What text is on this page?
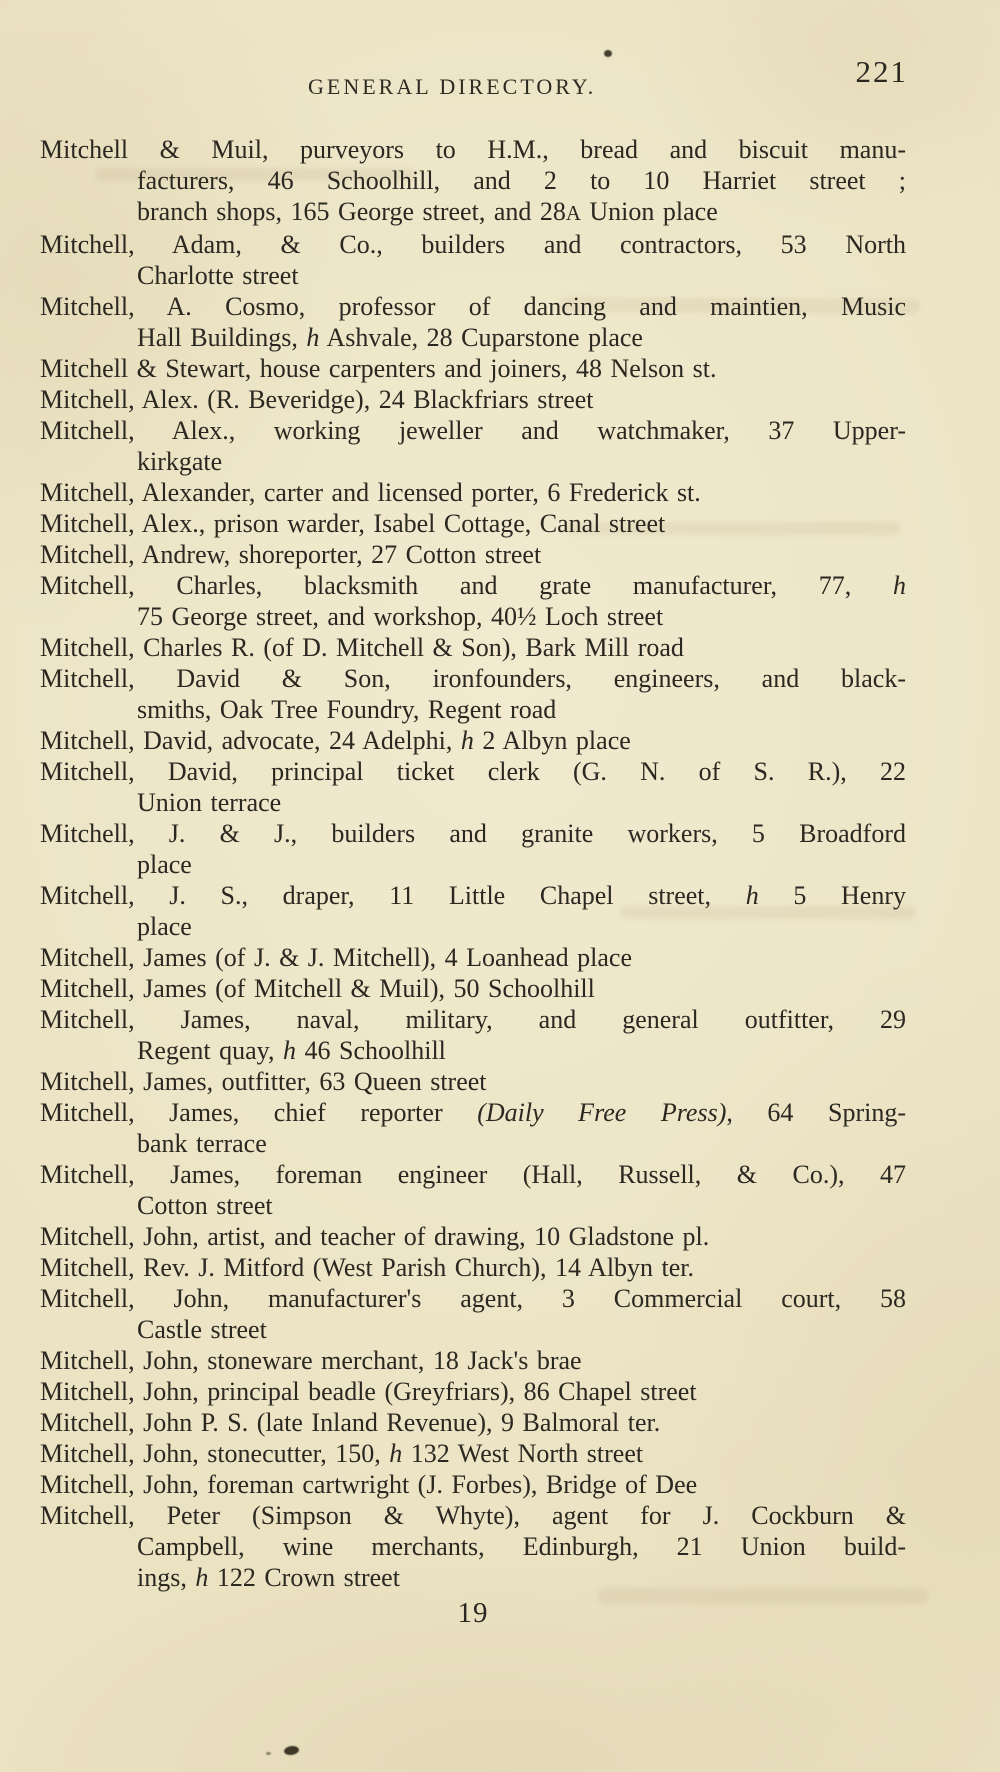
GENERAL DIRECTORY.	221
Mitchell & Muil, purveyors to H.M., bread and biscuit manu-
facturers, 46 Schoolhill, and 2 to 10 Harriet street ;
branch shops, 165 George street, and 28A Union place
Mitchell, Adam, & Co., builders and contractors, 53 North
Charlotte street
Mitchell, A. Cosmo, professor of dancing and maintien, Music
Hall Buildings, h Ashvale, 28 Cuparstone place
Mitchell & Stewart, house carpenters and joiners, 48 Nelson st.
Mitchell, Alex. (R. Beveridge), 24 Blackfriars street
Mitchell, Alex., working jeweller and watchmaker, 37 Upper-
kirkgate
Mitchell, Alexander, carter and licensed porter, 6 Frederick st.
Mitchell, Alex., prison warder, Isabel Cottage, Canal street
Mitchell, Andrew, shoreporter, 27 Cotton street
Mitchell, Charles, blacksmith and grate manufacturer, 77, h
75 George street, and workshop, 40½ Loch street
Mitchell, Charles R. (of D. Mitchell & Son), Bark Mill road
Mitchell, David & Son, ironfounders, engineers, and black-
smiths, Oak Tree Foundry, Regent road
Mitchell, David, advocate, 24 Adelphi, h 2 Albyn place
Mitchell, David, principal ticket clerk (G. N. of S. R.), 22
Union terrace
Mitchell, J. & J., builders and granite workers, 5 Broadford
place
Mitchell, J. S., draper, 11 Little Chapel street, h 5 Henry
place
Mitchell, James (of J. & J. Mitchell), 4 Loanhead place
Mitchell, James (of Mitchell & Muil), 50 Schoolhill
Mitchell, James, naval, military, and general outfitter, 29
Regent quay, h 46 Schoolhill
Mitchell, James, outfitter, 63 Queen street
Mitchell, James, chief reporter (Daily Free Press), 64 Spring-
bank terrace
Mitchell, James, foreman engineer (Hall, Russell, & Co.), 47
Cotton street
Mitchell, John, artist, and teacher of drawing, 10 Gladstone pl.
Mitchell, Rev. J. Mitford (West Parish Church), 14 Albyn ter.
Mitchell, John, manufacturer's agent, 3 Commercial court, 58
Castle street
Mitchell, John, stoneware merchant, 18 Jack's brae
Mitchell, John, principal beadle (Greyfriars), 86 Chapel street
Mitchell, John P. S. (late Inland Revenue), 9 Balmoral ter.
Mitchell, John, stonecutter, 150, h 132 West North street
Mitchell, John, foreman cartwright (J. Forbes), Bridge of Dee
Mitchell, Peter (Simpson & Whyte), agent for J. Cockburn &
Campbell, wine merchants, Edinburgh, 21 Union build-
ings, h 122 Crown street
19
